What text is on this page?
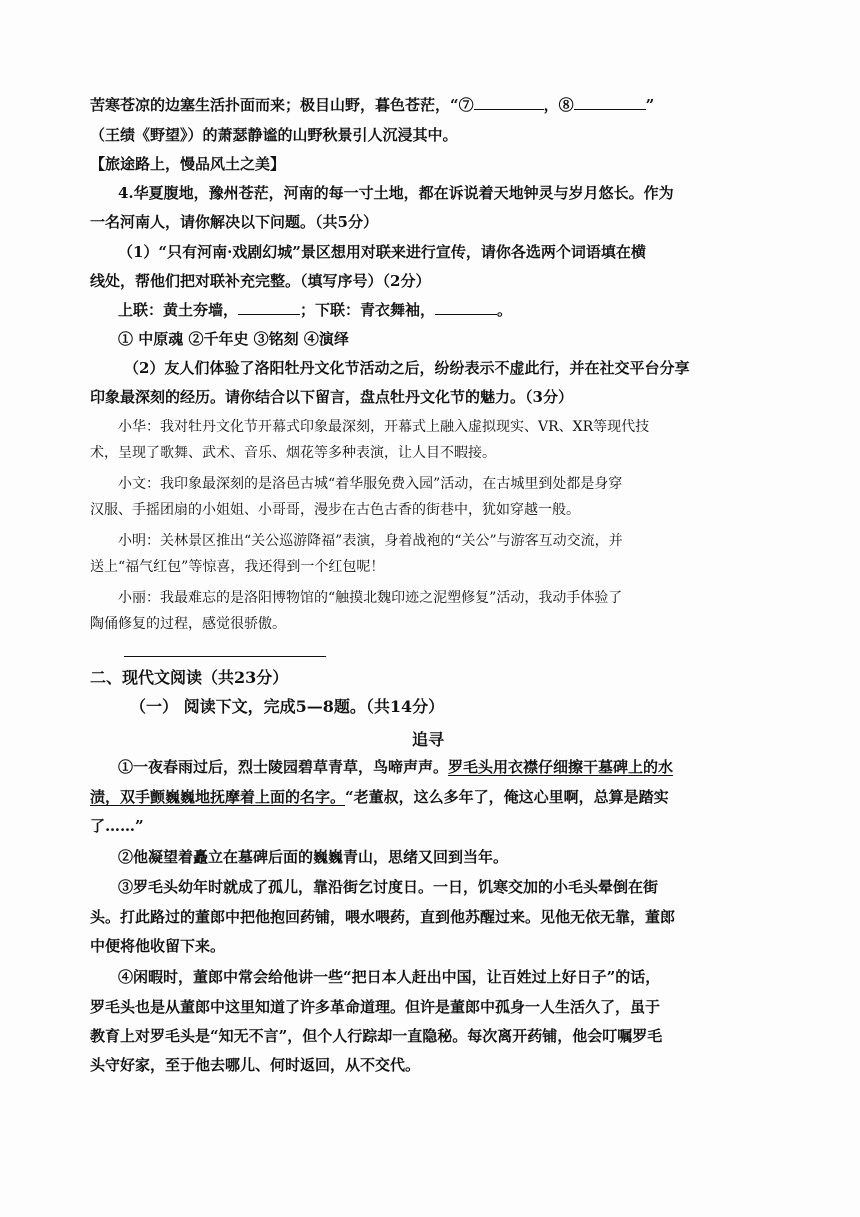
苦寒苍凉的边塞生活扑面而来；极目山野，暮色苍茫，“⑦	，⑧	”
（王绩《野望》）的萧瑟静谧的山野秋景引人沉浸其中。
【旅途路上，慢品风土之美】
4.华夏腹地，豫州苍茫，河南的每一寸土地，都在诉说着天地钟灵与岁月悠长。作为
一名河南人，请你解决以下问题。（共5分）
（1）“只有河南·戏剧幻城”景区想用对联来进行宣传，请你各选两个词语填在横
线处，帮他们把对联补充完整。（填写序号）（2分）
上联：黄土夯墙，	；下联：青衣舞袖，	。
① 中原魂 ②千年史 ③铭刻 ④演绎
（2）友人们体验了洛阳牡丹文化节活动之后，纷纷表示不虚此行，并在社交平台分享
印象最深刻的经历。请你结合以下留言，盘点牡丹文化节的魅力。（3分）
小华：我对牡丹文化节开幕式印象最深刻，开幕式上融入虚拟现实、VR、XR等现代技
术，呈现了歌舞、武术、音乐、烟花等多种表演，让人目不暇接。
小文：我印象最深刻的是洛邑古城“着华服免费入园”活动，在古城里到处都是身穿
汉服、手摇团扇的小姐姐、小哥哥，漫步在古色古香的街巷中，犹如穿越一般。
小明：关林景区推出“关公巡游降福”表演，身着战袍的“关公”与游客互动交流，并
送上“福气红包”等惊喜，我还得到一个红包呢！
小丽：我最难忘的是洛阳博物馆的“触摸北魏印迹之泥塑修复”活动，我动手体验了
陶俑修复的过程，感觉很骄傲。
二、现代文阅读（共23分）
（一） 阅读下文，完成5—8题。（共14分）
追寻
①一夜春雨过后，烈士陵园碧草青草，鸟啼声声。罗毛头用衣襟仔细擦干墓碑上的水
渍，双手颤巍巍地抚摩着上面的名字。“老董叔，这么多年了，俺这心里啊，总算是踏实
了……”
②他凝望着矗立在墓碑后面的巍巍青山，思绪又回到当年。
③罗毛头幼年时就成了孤儿，靠沿街乞讨度日。一日，饥寒交加的小毛头晕倒在街
头。打此路过的董郎中把他抱回药铺，喂水喂药，直到他苏醒过来。见他无依无靠，董郎
中便将他收留下来。
④闲暇时，董郎中常会给他讲一些“把日本人赶出中国，让百姓过上好日子”的话，
罗毛头也是从董郎中这里知道了许多革命道理。但许是董郎中孤身一人生活久了，虽于
教育上对罗毛头是“知无不言”，但个人行踪却一直隐秘。每次离开药铺，他会叮嘱罗毛
头守好家，至于他去哪儿、何时返回，从不交代。
